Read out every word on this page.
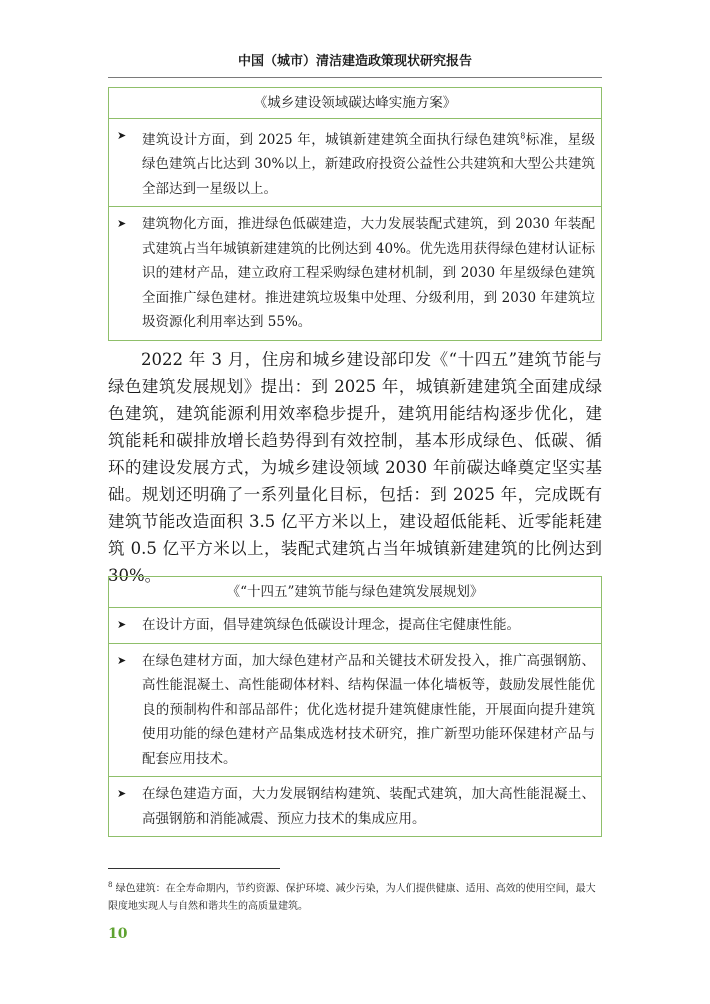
中国（城市）清洁建造政策现状研究报告
《城乡建设领域碳达峰实施方案》
➤ 建筑设计方面，到 2025 年，城镇新建建筑全面执行绿色建筑$^8$标准，星级绿色建筑占比达到 30%以上，新建政府投资公益性公共建筑和大型公共建筑全部达到一星级以上。
➤ 建筑物化方面，推进绿色低碳建造，大力发展装配式建筑，到 2030 年装配式建筑占当年城镇新建建筑的比例达到 40%。优先选用获得绿色建材认证标识的建材产品，建立政府工程采购绿色建材机制，到 2030 年星级绿色建筑全面推广绿色建材。推进建筑垃圾集中处理、分级利用，到 2030 年建筑垃圾资源化利用率达到 55%。
2022 年 3 月，住房和城乡建设部印发《“十四五”建筑节能与绿色建筑发展规划》提出：到 2025 年，城镇新建建筑全面建成绿色建筑，建筑能源利用效率稳步提升，建筑用能结构逐步优化，建筑能耗和碳排放增长趋势得到有效控制，基本形成绿色、低碳、循环的建设发展方式，为城乡建设领域 2030 年前碳达峰奠定坚实基础。规划还明确了一系列量化目标，包括：到 2025 年，完成既有建筑节能改造面积 3.5 亿平方米以上，建设超低能耗、近零能耗建筑 0.5 亿平方米以上，装配式建筑占当年城镇新建建筑的比例达到 30%。
《“十四五”建筑节能与绿色建筑发展规划》
➤ 在设计方面，倡导建筑绿色低碳设计理念，提高住宅健康性能。
➤ 在绿色建材方面，加大绿色建材产品和关键技术研发投入，推广高强钢筋、高性能混凝土、高性能砌体材料、结构保温一体化墙板等，鼓励发展性能优良的预制构件和部品部件；优化选材提升建筑健康性能，开展面向提升建筑使用功能的绿色建材产品集成选材技术研究，推广新型功能环保建材产品与配套应用技术。
➤ 在绿色建造方面，大力发展钢结构建筑、装配式建筑，加大高性能混凝土、高强钢筋和消能减震、预应力技术的集成应用。
$^8$ 绿色建筑：在全寿命期内，节约资源、保护环境、减少污染，为人们提供健康、适用、高效的使用空间，最大限度地实现人与自然和谐共生的高质量建筑。
10
